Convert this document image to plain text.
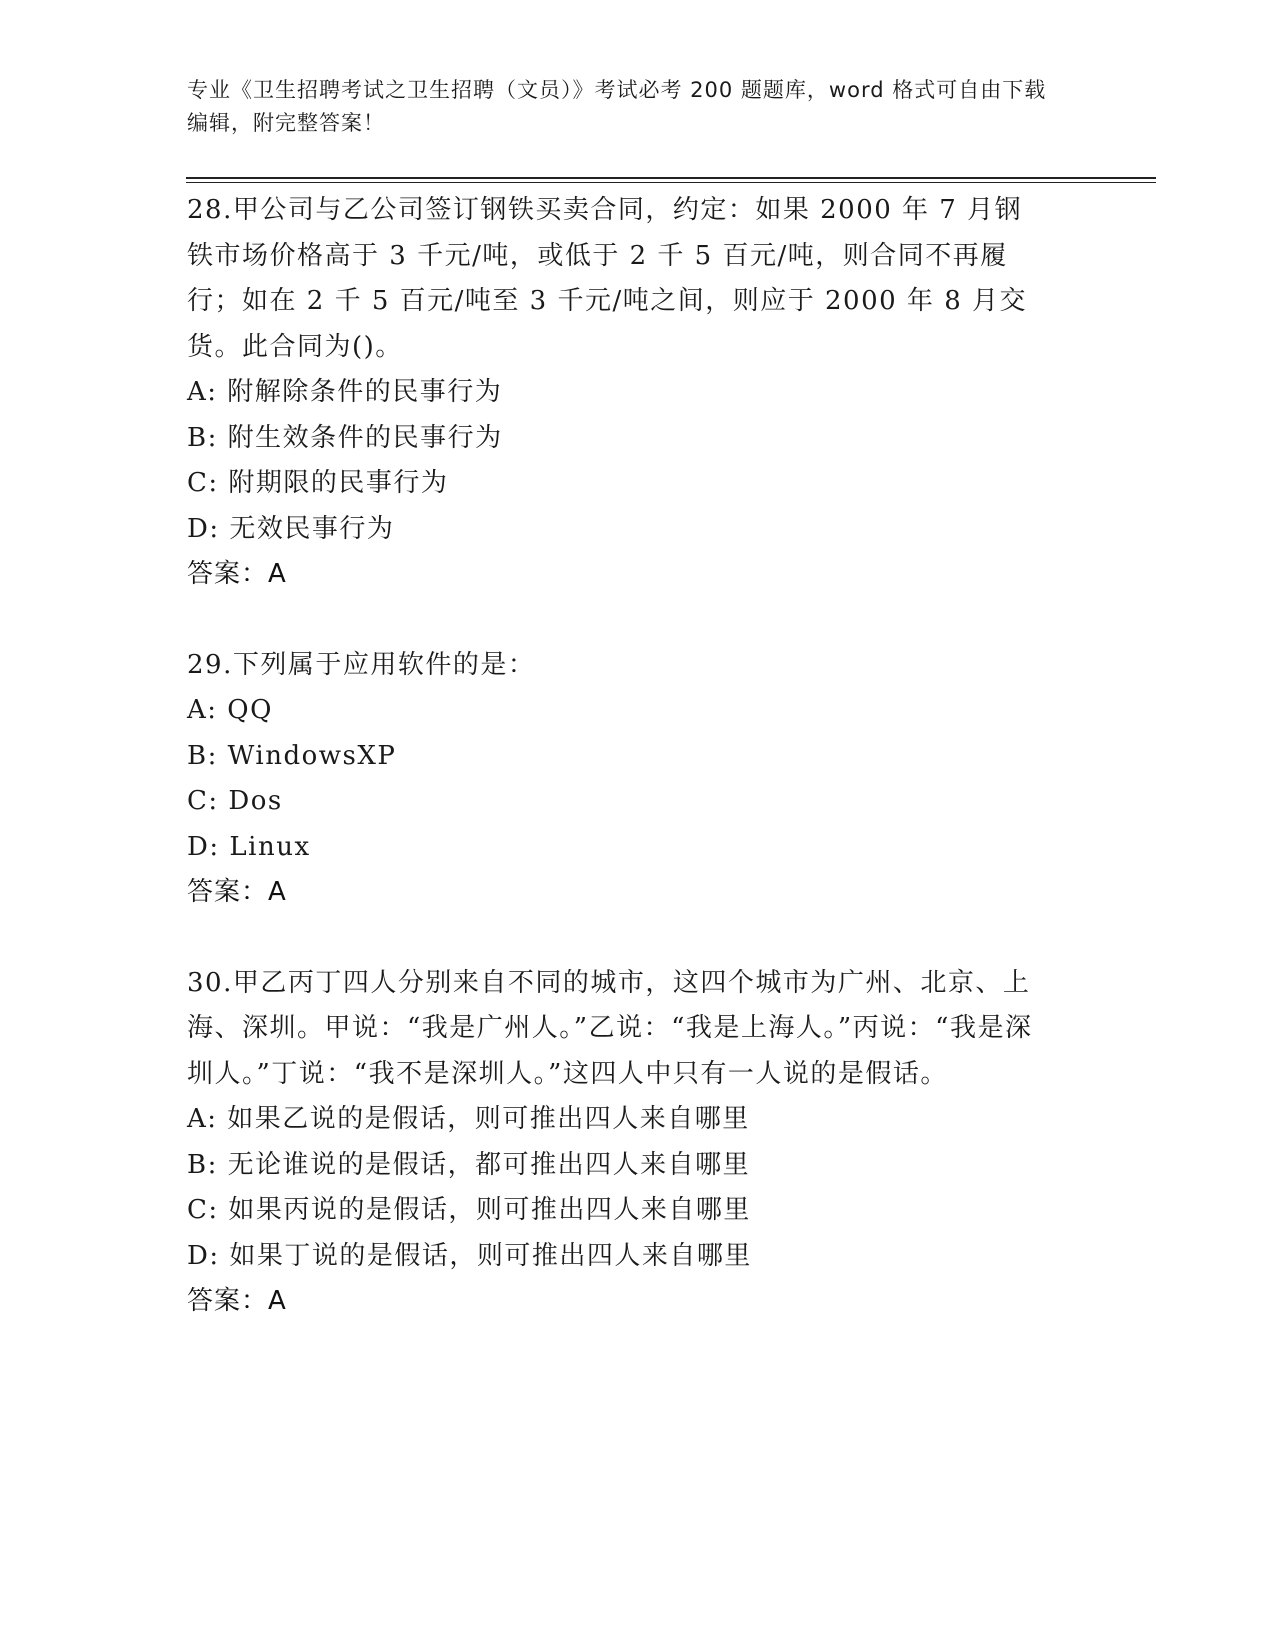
专业《卫生招聘考试之卫生招聘（文员）》考试必考 200 题题库，word 格式可自由下载编辑，附完整答案！
28.甲公司与乙公司签订钢铁买卖合同，约定：如果 2000 年 7 月钢铁市场价格高于 3 千元/吨，或低于 2 千 5 百元/吨，则合同不再履行；如在 2 千 5 百元/吨至 3 千元/吨之间，则应于 2000 年 8 月交货。此合同为()。
A: 附解除条件的民事行为
B: 附生效条件的民事行为
C: 附期限的民事行为
D: 无效民事行为
答案：A
29.下列属于应用软件的是：
A: QQ
B: WindowsXP
C: Dos
D: Linux
答案：A
30.甲乙丙丁四人分别来自不同的城市，这四个城市为广州、北京、上海、深圳。甲说：“我是广州人。”乙说：“我是上海人。”丙说：“我是深圳人。”丁说：“我不是深圳人。”这四人中只有一人说的是假话。
A: 如果乙说的是假话，则可推出四人来自哪里
B: 无论谁说的是假话，都可推出四人来自哪里
C: 如果丙说的是假话，则可推出四人来自哪里
D: 如果丁说的是假话，则可推出四人来自哪里
答案：A
